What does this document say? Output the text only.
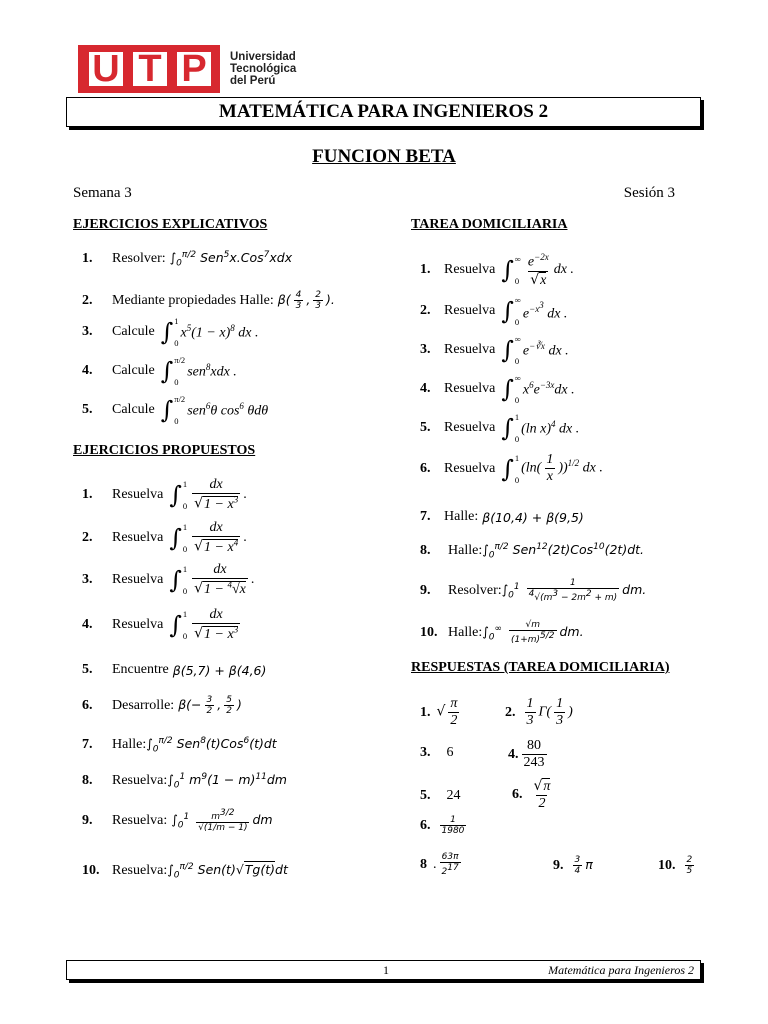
U T P	Universidad
Tecnológica
del Perú
MATEMÁTICA PARA INGENIEROS 2
FUNCION BETA
Semana 3	Sesión 3
EJERCICIOS EXPLICATIVOS
1.	Resolver: $\int_0^{\pi/2}$ Sen$^5$x.Cos$^7$xdx
2.	Mediante propiedades Halle: $\beta( \frac{4}{3}$ , $\frac{2}{3}$ ).
3.	Calcule ∫ 1
0
$x^5(1 - x)^8$ dx .
4.	Calcule ∫ π/2
0
sen$^8$xdx .
5.	Calcule ∫ π/2
0
sen$^6$θ $\cos^6 \theta d\theta$
EJERCICIOS PROPUESTOS
1.	Resuelva ∫ 1
$0 \frac{dx}{√1 - x^3}$ .
2.	Resuelva ∫ 1
$0 \frac{dx}{√1 - x^4}$ .
3.	Resuelva ∫ 1
$0 \frac{dx}{√1 - ^4√x}$ .
4.	Resuelva ∫ 1
$0 \frac{dx}{√1 - x^3}$
5.	Encuentre β(5,7) + β(4,6)
6.	Desarrolle: $\beta(- \frac{3}{2}$ , $\frac{5}{2}$ )
7.	Halle: $\int_0^{\pi/2}$ Sen$^8$(t)Cos$^6$(t)dt
8.	Resuelva: $\int_0^1$ $m^9(1 - m)^{11}dm$
9.	Resuelva: $\int_0^1 \frac{m^{3/2}}{√(1/m - 1)}$ dm
10. Resuelva: $\int_0^{\pi/2}$ Sen(t)√Tg(t)dt
TAREA DOMICILIARIA
1. Resuelva ∫ ∞
$0 \frac{e^{-2x}}{√x}$ dx .
2. Resuelva ∫ ∞
0
$e^{-x^3}$ dx .
3. Resuelva ∫ ∞
0
$e^{-∛x}$ dx .
4. Resuelva ∫ ∞
0
$x^6e^{-3x}dx$ .
5. Resuelva ∫ 1
0
(ln x)$^4$ dx .
6. Resuelva ∫ 1
0
$(\ln( \frac{1}{x} ))^{1/2}$ dx .
7. Halle: β(10,4) + β(9,5)
8.	Halle: $\int_0^{\pi/2}$ Sen$^{12}$(2t)Cos$^{10}$(2t)dt.
9.	Resolver: $\int_0^1 \frac{1}{^4√(m^3 - 2m^2 + m)}$ dm.
10. Halle: $\int_0^\infty \frac{√m}{(1+m)^{5/2}}$ dm.
RESPUESTAS (TAREA DOMICILIARIA)
1. √ $\frac{\pi}{2}$	2. $\frac{1}{3} \Gamma( \frac{1}{3}$ )
3. 6	4. $\frac{80}{243}$
5. 24	6. $\frac{√\pi}{2}$
6. $\frac{1}{1980}$
8 . $\frac{63\pi}{2^{17}}$	9. $\frac{3}{4}$ π	10. $\frac{2}{5}$
1	Matemática para Ingenieros 2
